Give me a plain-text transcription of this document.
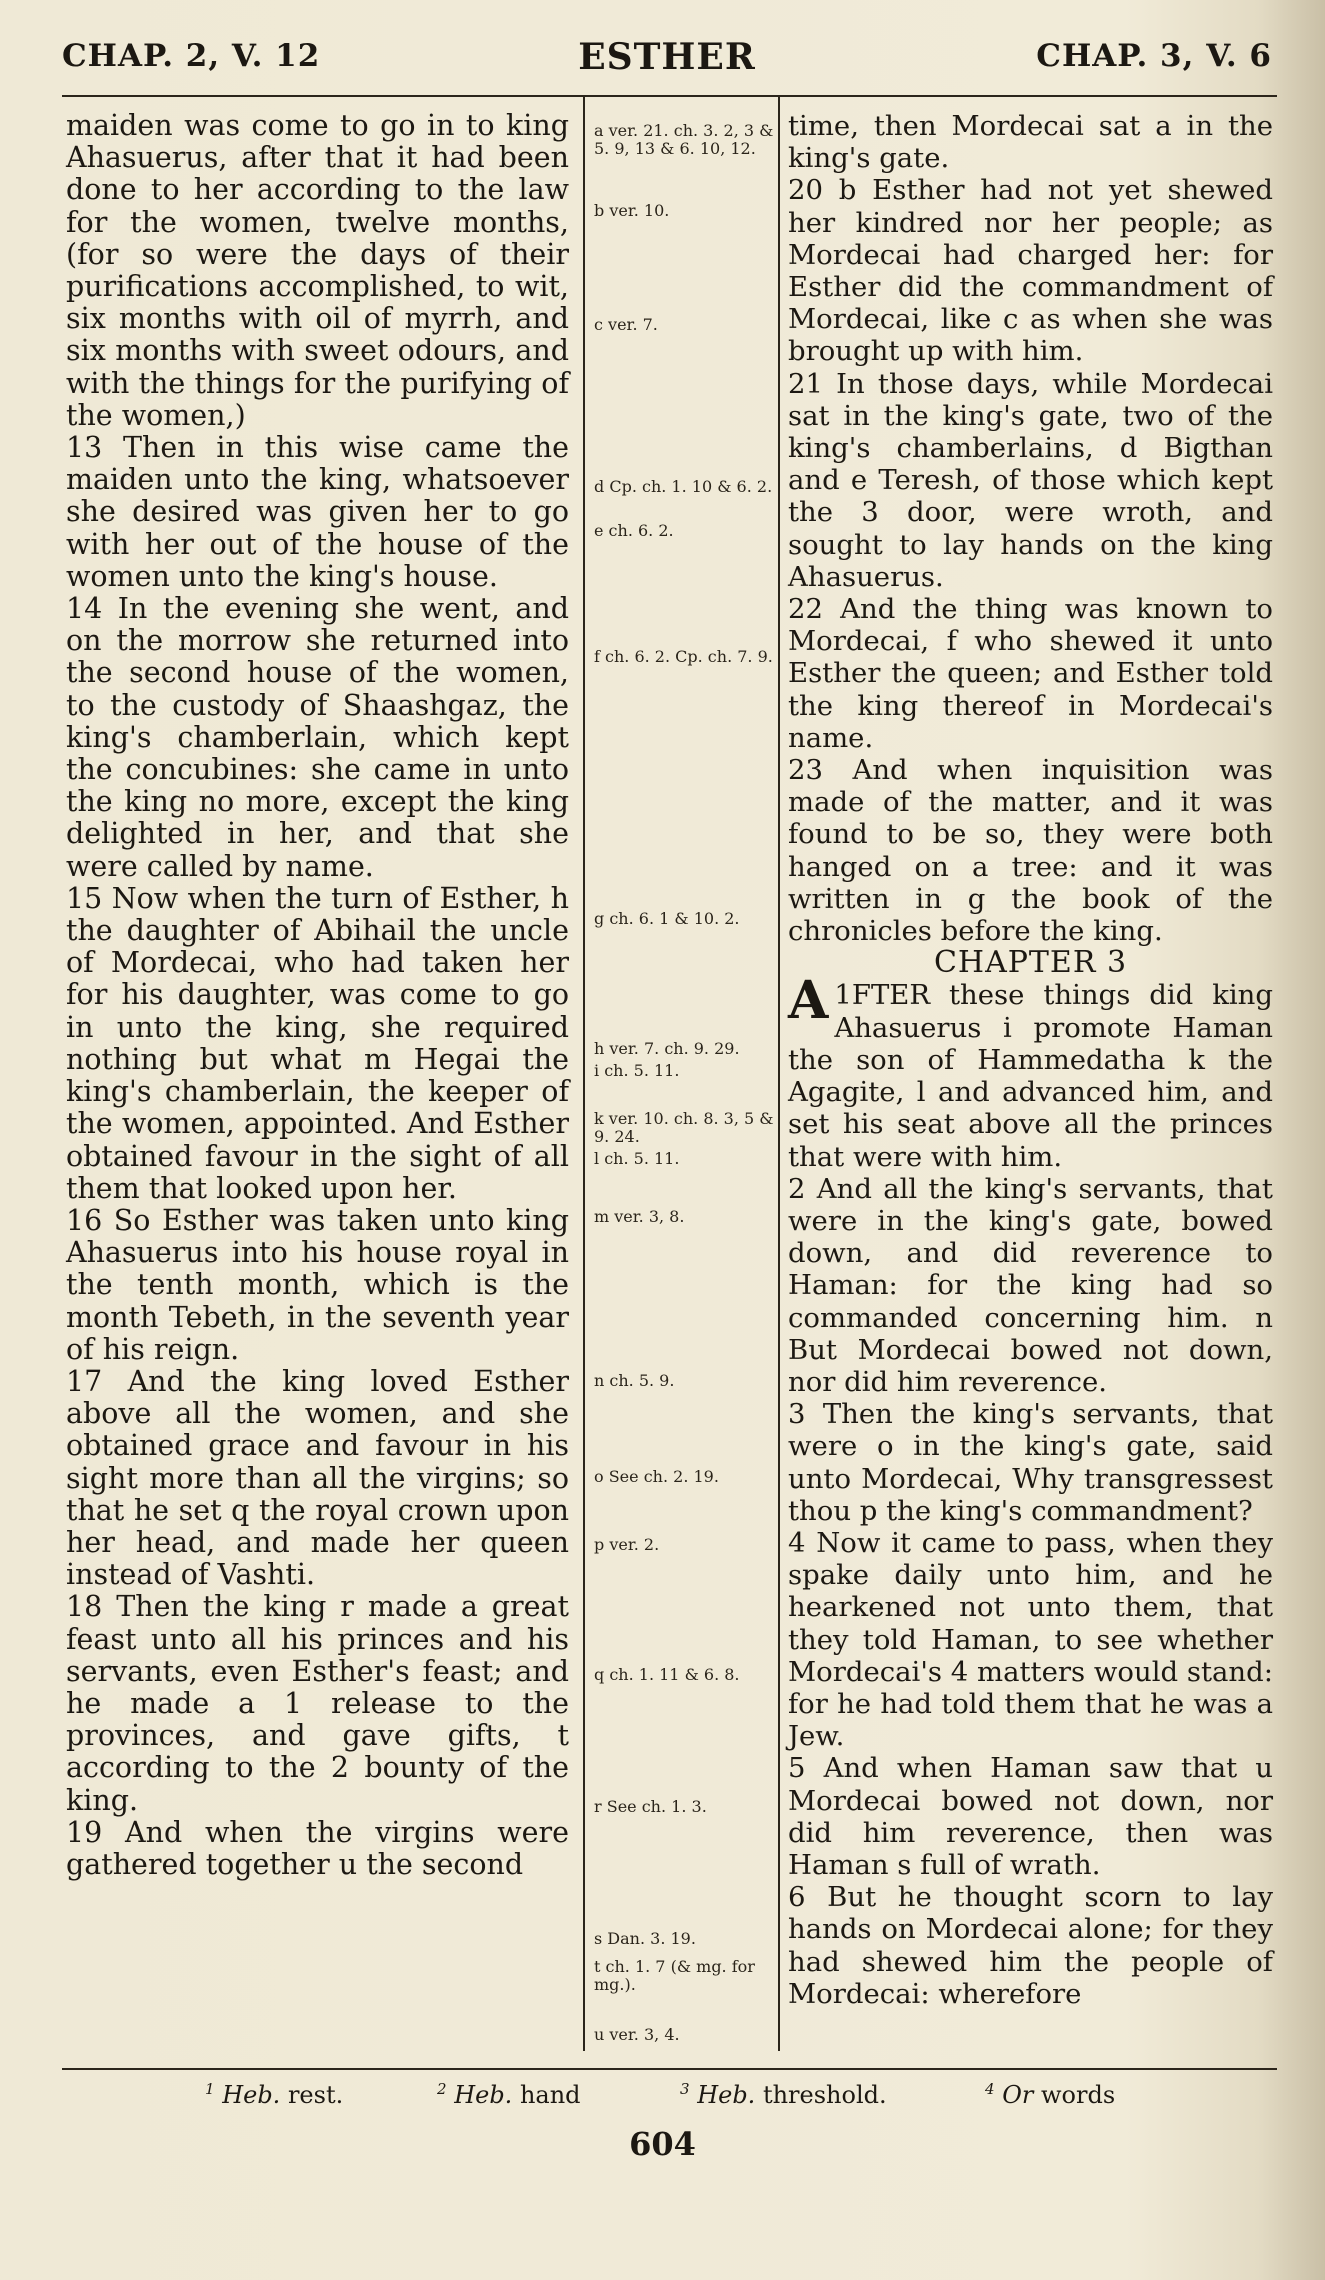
CHAP. 2, V. 12	ESTHER	CHAP. 3, V. 6

maiden was come to go in to king Ahasuerus, after that it had been done to her according to the law for the women, twelve months, (for so were the days of their purifications accomplished, to wit, six months with oil of myrrh, and six months with sweet odours, and with the things for the purifying of the women,)

13 Then in this wise came the maiden unto the king, whatsoever she desired was given her to go with her out of the house of the women unto the king's house.

14 In the evening she went, and on the morrow she returned into the second house of the women, to the custody of Shaashgaz, the king's chamberlain, which kept the concubines: she came in unto the king no more, except the king delighted in her, and that she were called by name.

15 Now when the turn of Esther, h the daughter of Abihail the uncle of Mordecai, who had taken her for his daughter, was come to go in unto the king, she required nothing but what m Hegai the king's chamberlain, the keeper of the women, appointed. And Esther obtained favour in the sight of all them that looked upon her.

16 So Esther was taken unto king Ahasuerus into his house royal in the tenth month, which is the month Tebeth, in the seventh year of his reign.

17 And the king loved Esther above all the women, and she obtained grace and favour in his sight more than all the virgins; so that he set q the royal crown upon her head, and made her queen instead of Vashti.

18 Then the king r made a great feast unto all his princes and his servants, even Esther's feast; and he made a 1 release to the provinces, and gave gifts, t according to the 2 bounty of the king.

19 And when the virgins were gathered together u the second

a ver. 21. ch. 3. 2, 3 & 5. 9, 13 & 6. 10, 12.
b ver. 10.
c ver. 7.
d Cp. ch. 1. 10 & 6. 2.
e ch. 6. 2.
f ch. 6. 2. Cp. ch. 7. 9.
g ch. 6. 1 & 10. 2.
h ver. 7. ch. 9. 29.
i ch. 5. 11.
k ver. 10. ch. 8. 3, 5 & 9. 24.
l ch. 5. 11.
m ver. 3, 8.
n ch. 5. 9.
o See ch. 2. 19.
p ver. 2.
q ch. 1. 11 & 6. 8.
r See ch. 1. 3.
s Dan. 3. 19.
t ch. 1. 7 (& mg. for mg.).
u ver. 3, 4.

time, then Mordecai sat a in the king's gate.

20 b Esther had not yet shewed her kindred nor her people; as Mordecai had charged her: for Esther did the commandment of Mordecai, like c as when she was brought up with him.

21 In those days, while Mordecai sat in the king's gate, two of the king's chamberlains, d Bigthan and e Teresh, of those which kept the 3 door, were wroth, and sought to lay hands on the king Ahasuerus.

22 And the thing was known to Mordecai, f who shewed it unto Esther the queen; and Esther told the king thereof in Mordecai's name.

23 And when inquisition was made of the matter, and it was found to be so, they were both hanged on a tree: and it was written in g the book of the chronicles before the king.

CHAPTER 3

1
A FTER these things did king Ahasuerus i promote Haman the son of Hammedatha k the Agagite, l and advanced him, and set his seat above all the princes that were with him.

2 And all the king's servants, that were in the king's gate, bowed down, and did reverence to Haman: for the king had so commanded concerning him. n But Mordecai bowed not down, nor did him reverence.

3 Then the king's servants, that were o in the king's gate, said unto Mordecai, Why transgressest thou p the king's commandment?

4 Now it came to pass, when they spake daily unto him, and he hearkened not unto them, that they told Haman, to see whether Mordecai's 4 matters would stand: for he had told them that he was a Jew.

5 And when Haman saw that u Mordecai bowed not down, nor did him reverence, then was Haman s full of wrath.

6 But he thought scorn to lay hands on Mordecai alone; for they had shewed him the people of Mordecai: wherefore

$^1$ Heb. rest.	$^2$ Heb. hand	$^3$ Heb. threshold.	$^4$ Or words
604
